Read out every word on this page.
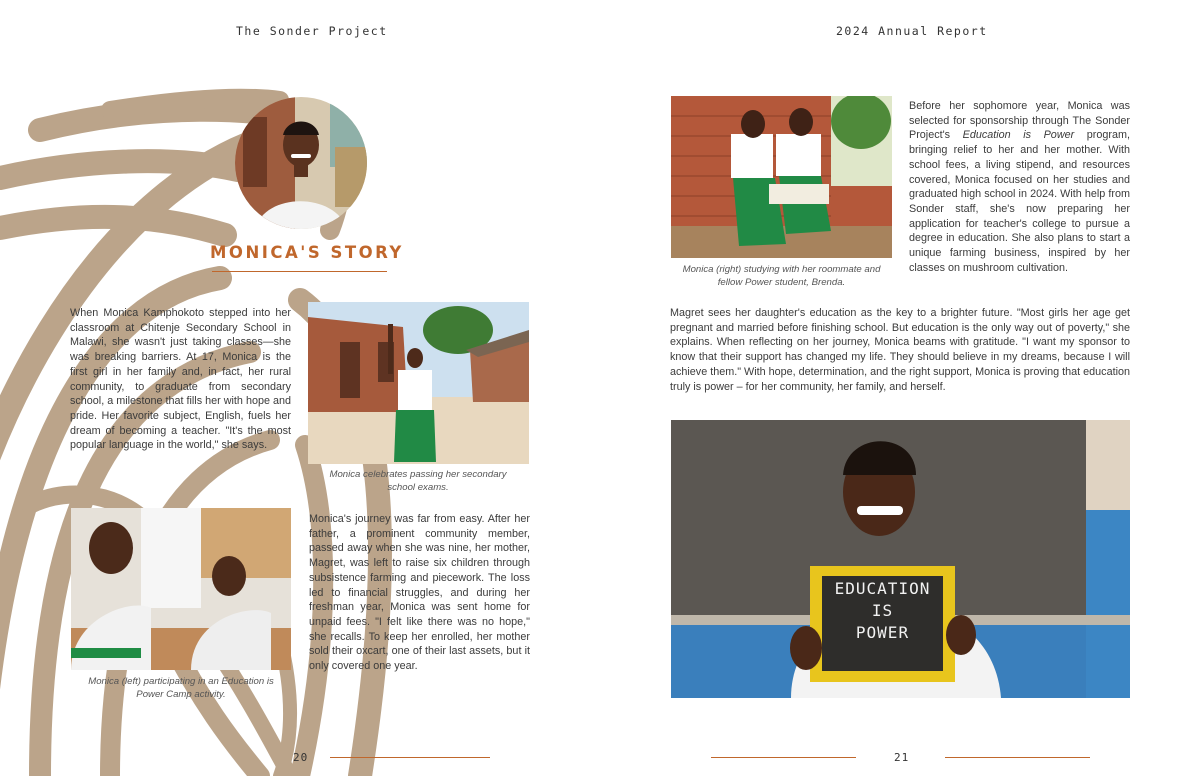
The Sonder Project	2024 Annual Report
MONICA'S STORY
When Monica Kamphokoto stepped into her classroom at Chitenje Secondary School in Malawi, she wasn't just taking classes—she was breaking barriers. At 17, Monica is the first girl in her family and, in fact, her rural community, to graduate from secondary school, a milestone that fills her with hope and pride. Her favorite subject, English, fuels her dream of becoming a teacher. "It's the most popular language in the world," she says.
Monica celebrates passing her secondary school exams.
Monica (left) participating in an Education is Power Camp activity.
Monica's journey was far from easy. After her father, a prominent community member, passed away when she was nine, her mother, Magret, was left to raise six children through subsistence farming and piecework. The loss led to financial struggles, and during her freshman year, Monica was sent home for unpaid fees. "I felt like there was no hope," she recalls. To keep her enrolled, her mother sold their oxcart, one of their last assets, but it only covered one year.
20
Monica (right) studying with her roommate and fellow Power student, Brenda.
Before her sophomore year, Monica was selected for sponsorship through The Sonder Project's Education is Power program, bringing relief to her and her mother. With school fees, a living stipend, and resources covered, Monica focused on her studies and graduated high school in 2024. With help from Sonder staff, she's now preparing her application for teacher's college to pursue a degree in education. She also plans to start a unique farming business, inspired by her classes on mushroom cultivation.
Magret sees her daughter's education as the key to a brighter future. "Most girls her age get pregnant and married before finishing school. But education is the only way out of poverty," she explains. When reflecting on her journey, Monica beams with gratitude. "I want my sponsor to know that their support has changed my life. They should believe in my dreams, because I will achieve them." With hope, determination, and the right support, Monica is proving that education truly is power – for her community, her family, and herself.
EDUCATION
IS
POWER
21
